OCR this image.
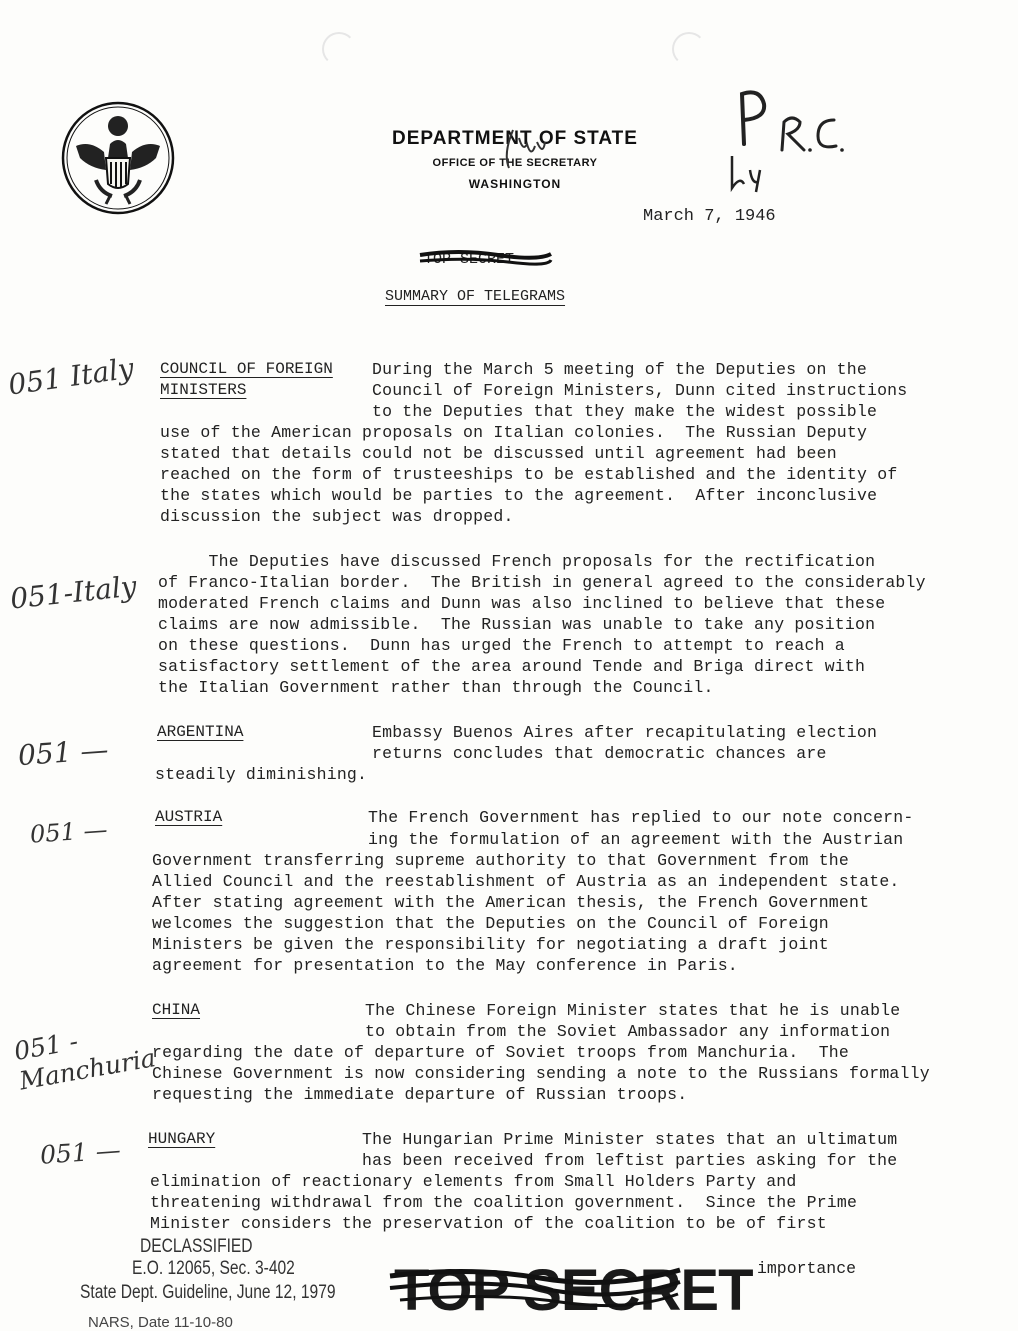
DEPARTMENT OF STATE
OFFICE OF THE SECRETARY
WASHINGTON
March 7, 1946
TOP SECRET
SUMMARY OF TELEGRAMS
COUNCIL OF FOREIGN
MINISTERS
051 Italy	During the March 5 meeting of the Deputies on the
Council of Foreign Ministers, Dunn cited instructions
to the Deputies that they make the widest possible
use of the American proposals on Italian colonies.  The Russian Deputy
stated that details could not be discussed until agreement had been
reached on the form of trusteeships to be established and the identity of
the states which would be parties to the agreement.  After inconclusive
discussion the subject was dropped.
051-Italy
The Deputies have discussed French proposals for the rectification
of Franco-Italian border.  The British in general agreed to the considerably
moderated French claims and Dunn was also inclined to believe that these
claims are now admissible.  The Russian was unable to take any position
on these questions.  Dunn has urged the French to attempt to reach a
satisfactory settlement of the area around Tende and Briga direct with
the Italian Government rather than through the Council.
ARGENTINA
051 —
Embassy Buenos Aires after recapitulating election
returns concludes that democratic chances are
steadily diminishing.
AUSTRIA
051 —	The French Government has replied to our note concern-
ing the formulation of an agreement with the Austrian
Government transferring supreme authority to that Government from the
Allied Council and the reestablishment of Austria as an independent state.
After stating agreement with the American thesis, the French Government
welcomes the suggestion that the Deputies on the Council of Foreign
Ministers be given the responsibility for negotiating a draft joint
agreement for presentation to the May conference in Paris.
CHINA
051 - Manchuria
The Chinese Foreign Minister states that he is unable
to obtain from the Soviet Ambassador any information
regarding the date of departure of Soviet troops from Manchuria.  The
Chinese Government is now considering sending a note to the Russians formally
requesting the immediate departure of Russian troops.
HUNGARY
051 —	The Hungarian Prime Minister states that an ultimatum
has been received from leftist parties asking for the
elimination of reactionary elements from Small Holders Party and
threatening withdrawal from the coalition government.  Since the Prime
Minister considers the preservation of the coalition to be of first
DECLASSIFIED
E.O. 12065, Sec. 3-402
State Dept. Guideline, June 12, 1979
NARS, Date 11-10-80	TOP SECRET importance
